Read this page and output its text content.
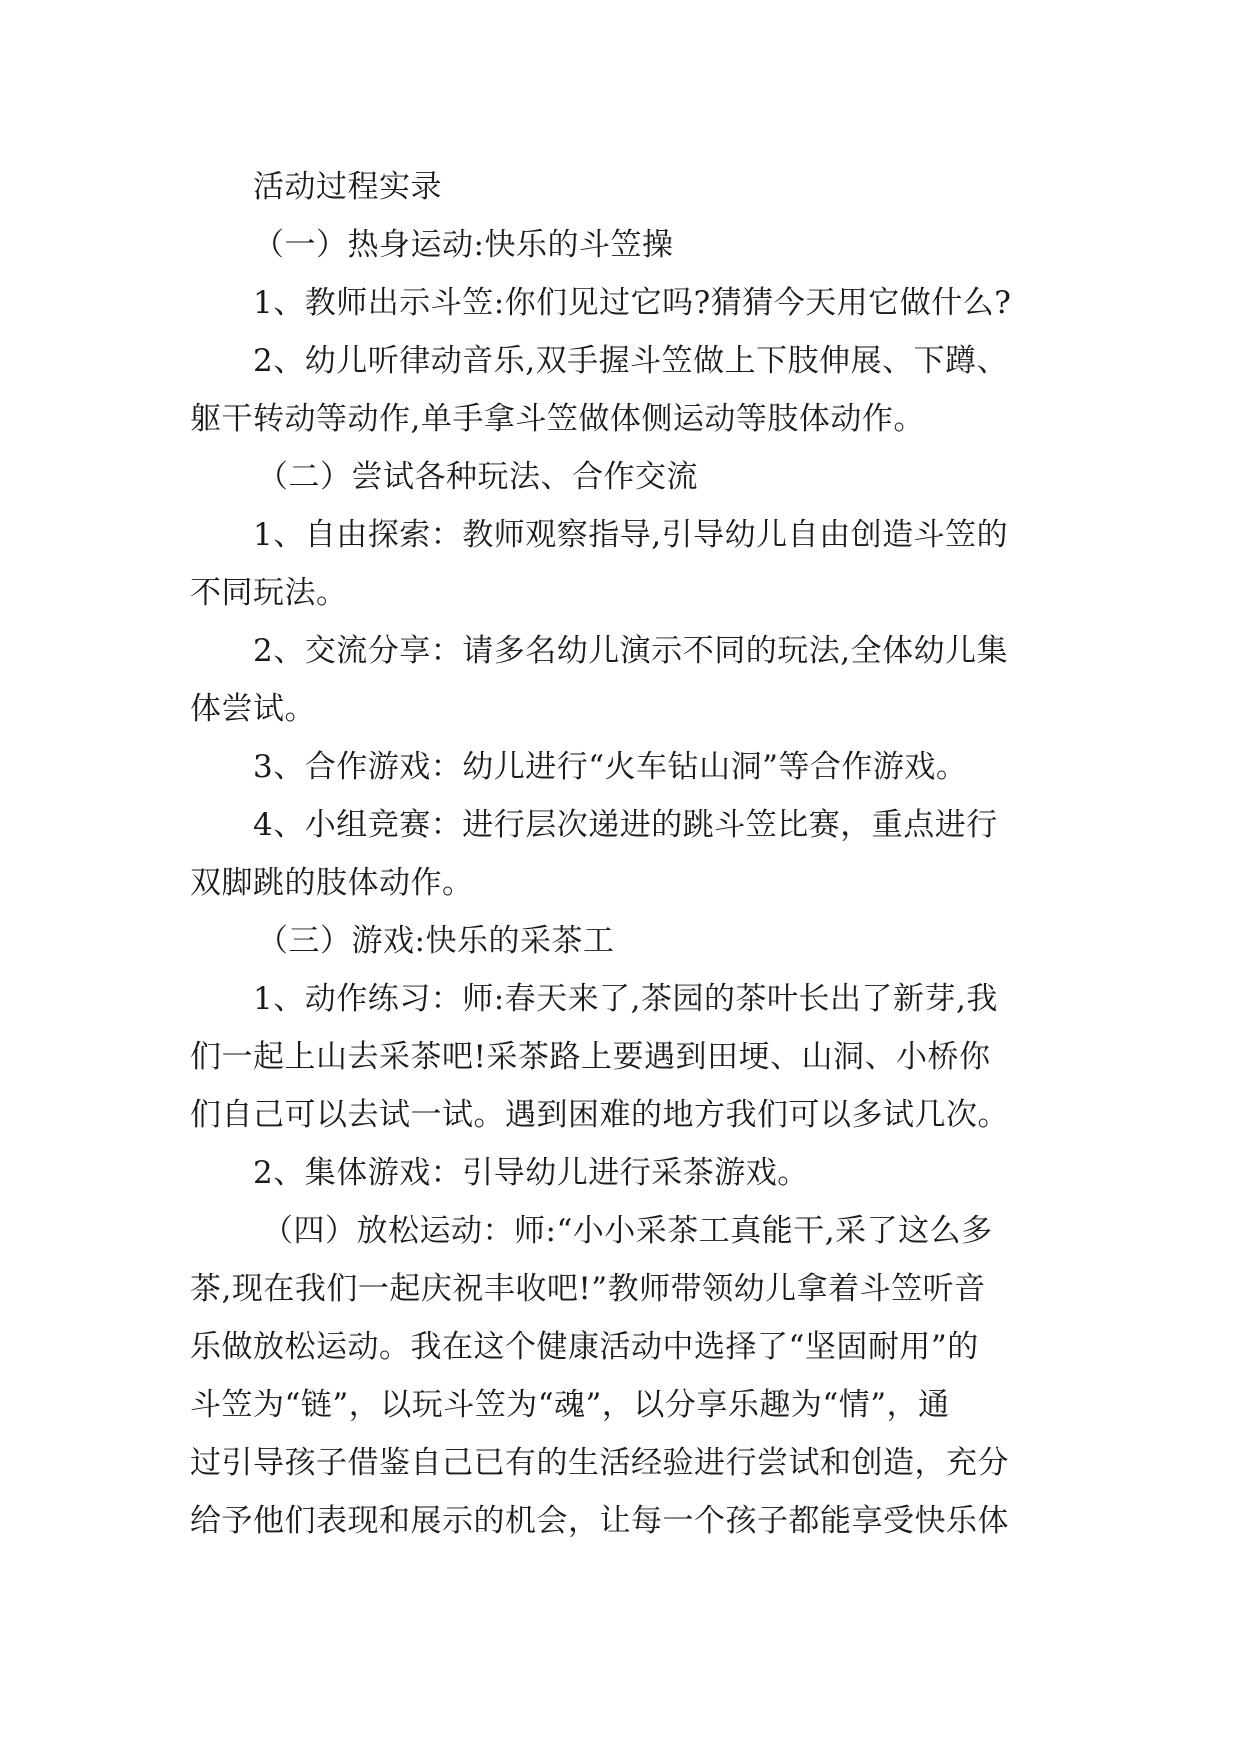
活动过程实录
（一）热身运动:快乐的斗笠操
1、教师出示斗笠:你们见过它吗?猜猜今天用它做什么?
2、幼儿听律动音乐,双手握斗笠做上下肢伸展、下蹲、
躯干转动等动作,单手拿斗笠做体侧运动等肢体动作。
（二）尝试各种玩法、合作交流
1、自由探索：教师观察指导,引导幼儿自由创造斗笠的
不同玩法。
2、交流分享：请多名幼儿演示不同的玩法,全体幼儿集
体尝试。
3、合作游戏：幼儿进行“火车钻山洞”等合作游戏。
4、小组竞赛：进行层次递进的跳斗笠比赛，重点进行
双脚跳的肢体动作。
（三）游戏:快乐的采茶工
1、动作练习：师:春天来了,茶园的茶叶长出了新芽,我
们一起上山去采茶吧!采茶路上要遇到田埂、山洞、小桥你
们自己可以去试一试。遇到困难的地方我们可以多试几次。
2、集体游戏：引导幼儿进行采茶游戏。
（四）放松运动：师:“小小采茶工真能干,采了这么多
茶,现在我们一起庆祝丰收吧!”教师带领幼儿拿着斗笠听音
乐做放松运动。我在这个健康活动中选择了“坚固耐用”的
斗笠为“链”，以玩斗笠为“魂”，以分享乐趣为“情”，通
过引导孩子借鉴自己已有的生活经验进行尝试和创造，充分
给予他们表现和展示的机会，让每一个孩子都能享受快乐体
